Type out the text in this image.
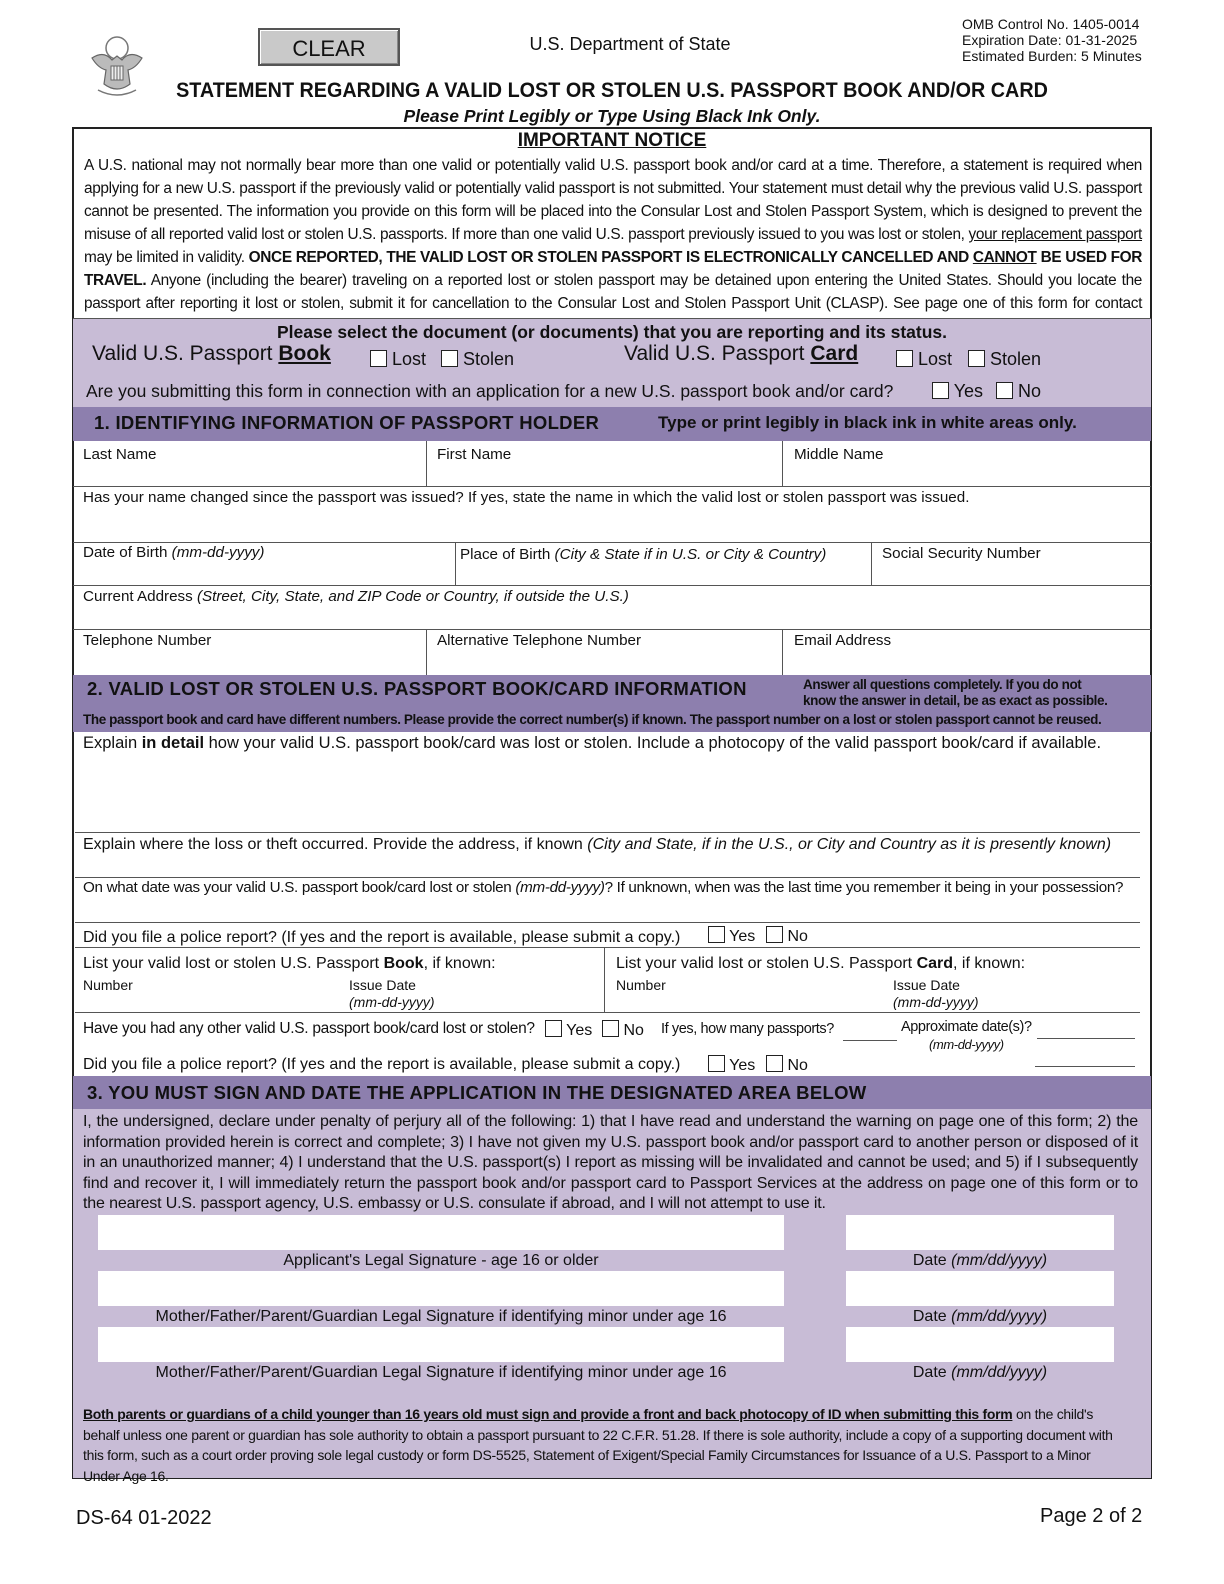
CLEAR	U.S. Department of State
OMB Control No. 1405-0014
Expiration Date: 01-31-2025
Estimated Burden: 5 Minutes
STATEMENT REGARDING A VALID LOST OR STOLEN U.S. PASSPORT BOOK AND/OR CARD
Please Print Legibly or Type Using Black Ink Only.
IMPORTANT NOTICE
A U.S. national may not normally bear more than one valid or potentially valid U.S. passport book and/or card at a time. Therefore, a statement is required when applying for a new U.S. passport if the previously valid or potentially valid passport is not submitted. Your statement must detail why the previous valid U.S. passport cannot be presented. The information you provide on this form will be placed into the Consular Lost and Stolen Passport System, which is designed to prevent the misuse of all reported valid lost or stolen U.S. passports. If more than one valid U.S. passport previously issued to you was lost or stolen, your replacement passport may be limited in validity. ONCE REPORTED, THE VALID LOST OR STOLEN PASSPORT IS ELECTRONICALLY CANCELLED AND CANNOT BE USED FOR TRAVEL. Anyone (including the bearer) traveling on a reported lost or stolen passport may be detained upon entering the United States. Should you locate the passport after reporting it lost or stolen, submit it for cancellation to the Consular Lost and Stolen Passport Unit (CLASP). See page one of this form for contact
Please select the document (or documents) that you are reporting and its status.
Valid U.S. Passport Book	Lost	Stolen	Valid U.S. Passport Card	Lost	Stolen
Are you submitting this form in connection with an application for a new U.S. passport book and/or card?	Yes	No
1. IDENTIFYING INFORMATION OF PASSPORT HOLDER	Type or print legibly in black ink in white areas only.
Last Name	First Name	Middle Name
Has your name changed since the passport was issued? If yes, state the name in which the valid lost or stolen passport was issued.
Date of Birth (mm-dd-yyyy)	Place of Birth (City & State if in U.S. or City & Country)	Social Security Number
Current Address (Street, City, State, and ZIP Code or Country, if outside the U.S.)
Telephone Number	Alternative Telephone Number	Email Address
2. VALID LOST OR STOLEN U.S. PASSPORT BOOK/CARD INFORMATION	Answer all questions completely. If you do not
know the answer in detail, be as exact as possible.
The passport book and card have different numbers. Please provide the correct number(s) if known. The passport number on a lost or stolen passport cannot be reused.
Explain in detail how your valid U.S. passport book/card was lost or stolen. Include a photocopy of the valid passport book/card if available.
Explain where the loss or theft occurred. Provide the address, if known (City and State, if in the U.S., or City and Country as it is presently known)
On what date was your valid U.S. passport book/card lost or stolen (mm-dd-yyyy)? If unknown, when was the last time you remember it being in your possession?
Did you file a police report? (If yes and the report is available, please submit a copy.)	Yes	No
List your valid lost or stolen U.S. Passport Book, if known:
Number	Issue Date
(mm-dd-yyyy)
List your valid lost or stolen U.S. Passport Card, if known:
Number	Issue Date
(mm-dd-yyyy)
Have you had any other valid U.S. passport book/card lost or stolen?	Yes	No If yes, how many passports?	Approximate date(s)?
(mm-dd-yyyy)
Did you file a police report? (If yes and the report is available, please submit a copy.)	Yes	No
3. YOU MUST SIGN AND DATE THE APPLICATION IN THE DESIGNATED AREA BELOW
I, the undersigned, declare under penalty of perjury all of the following: 1) that I have read and understand the warning on page one of this form; 2) the information provided herein is correct and complete; 3) I have not given my U.S. passport book and/or passport card to another person or disposed of it in an unauthorized manner; 4) I understand that the U.S. passport(s) I report as missing will be invalidated and cannot be used; and 5) if I subsequently find and recover it, I will immediately return the passport book and/or passport card to Passport Services at the address on page one of this form or to the nearest U.S. passport agency, U.S. embassy or U.S. consulate if abroad, and I will not attempt to use it.
Applicant's Legal Signature - age 16 or older	Date (mm/dd/yyyy)
Mother/Father/Parent/Guardian Legal Signature if identifying minor under age 16	Date (mm/dd/yyyy)
Mother/Father/Parent/Guardian Legal Signature if identifying minor under age 16	Date (mm/dd/yyyy)
Both parents or guardians of a child younger than 16 years old must sign and provide a front and back photocopy of ID when submitting this form on the child's behalf unless one parent or guardian has sole authority to obtain a passport pursuant to 22 C.F.R. 51.28. If there is sole authority, include a copy of a supporting document with this form, such as a court order proving sole legal custody or form DS-5525, Statement of Exigent/Special Family Circumstances for Issuance of a U.S. Passport to a Minor Under Age 16.
DS-64 01-2022	Page 2 of 2
